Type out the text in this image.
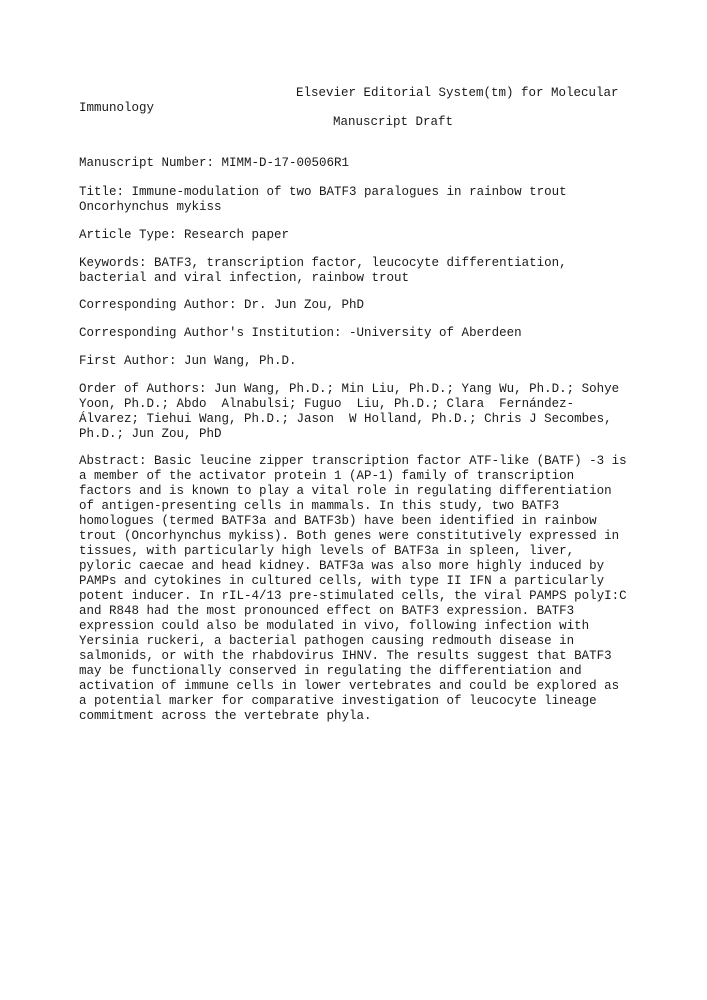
Elsevier Editorial System(tm) for Molecular
Immunology
Manuscript Draft
Manuscript Number: MIMM-D-17-00506R1
Title: Immune-modulation of two BATF3 paralogues in rainbow trout
Oncorhynchus mykiss
Article Type: Research paper
Keywords: BATF3, transcription factor, leucocyte differentiation,
bacterial and viral infection, rainbow trout
Corresponding Author: Dr. Jun Zou, PhD
Corresponding Author's Institution: -University of Aberdeen
First Author: Jun Wang, Ph.D.
Order of Authors: Jun Wang, Ph.D.; Min Liu, Ph.D.; Yang Wu, Ph.D.; Sohye
Yoon, Ph.D.; Abdo  Alnabulsi; Fuguo  Liu, Ph.D.; Clara  Fernández-
Álvarez; Tiehui Wang, Ph.D.; Jason  W Holland, Ph.D.; Chris J Secombes,
Ph.D.; Jun Zou, PhD
Abstract: Basic leucine zipper transcription factor ATF-like (BATF) -3 is
a member of the activator protein 1 (AP-1) family of transcription
factors and is known to play a vital role in regulating differentiation
of antigen-presenting cells in mammals. In this study, two BATF3
homologues (termed BATF3a and BATF3b) have been identified in rainbow
trout (Oncorhynchus mykiss). Both genes were constitutively expressed in
tissues, with particularly high levels of BATF3a in spleen, liver,
pyloric caecae and head kidney. BATF3a was also more highly induced by
PAMPs and cytokines in cultured cells, with type II IFN a particularly
potent inducer. In rIL-4/13 pre-stimulated cells, the viral PAMPS polyI:C
and R848 had the most pronounced effect on BATF3 expression. BATF3
expression could also be modulated in vivo, following infection with
Yersinia ruckeri, a bacterial pathogen causing redmouth disease in
salmonids, or with the rhabdovirus IHNV. The results suggest that BATF3
may be functionally conserved in regulating the differentiation and
activation of immune cells in lower vertebrates and could be explored as
a potential marker for comparative investigation of leucocyte lineage
commitment across the vertebrate phyla.
